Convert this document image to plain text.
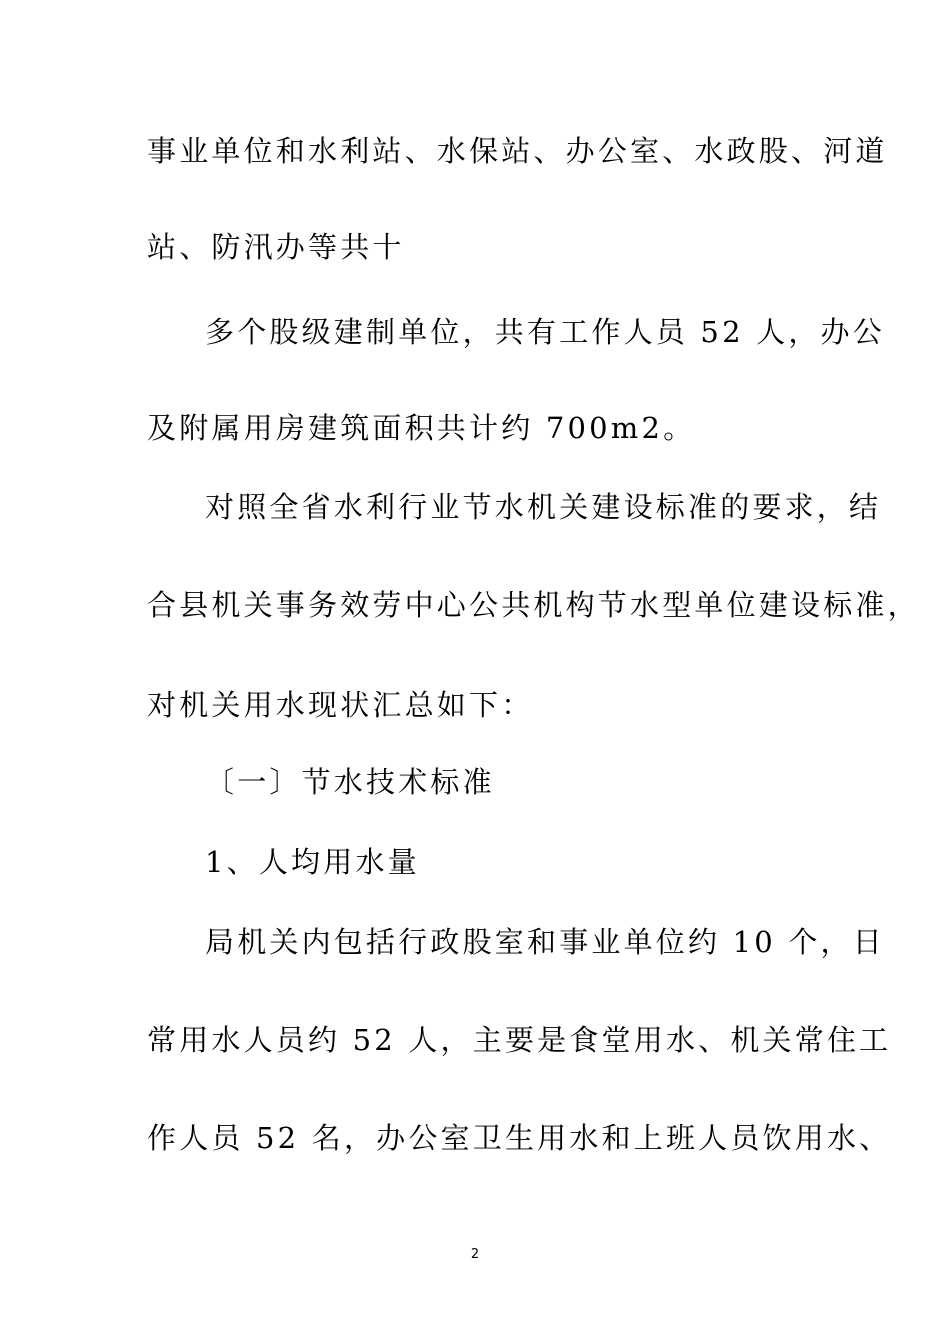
事业单位和水利站、水保站、办公室、水政股、河道
站、防汛办等共十
多个股级建制单位，共有工作人员 52 人，办公
及附属用房建筑面积共计约 700m2。
对照全省水利行业节水机关建设标准的要求，结
合县机关事务效劳中心公共机构节水型单位建设标准，
对机关用水现状汇总如下：
〔一〕节水技术标准
1、人均用水量
局机关内包括行政股室和事业单位约 10 个，日
常用水人员约 52 人，主要是食堂用水、机关常住工
作人员 52 名，办公室卫生用水和上班人员饮用水、
2
